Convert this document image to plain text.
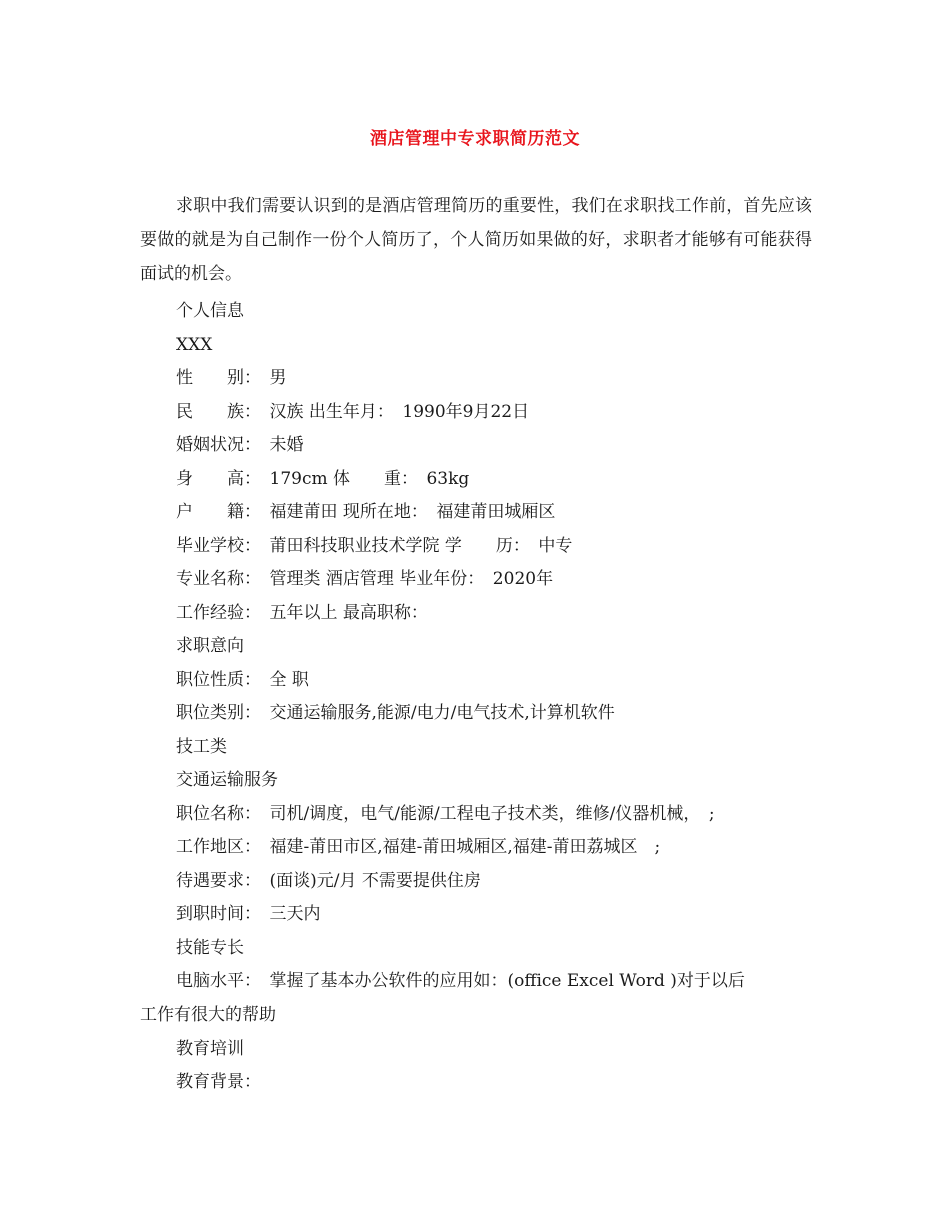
酒店管理中专求职简历范文
求职中我们需要认识到的是酒店管理简历的重要性，我们在求职找工作前，首先应该要做的就是为自己制作一份个人简历了，个人简历如果做的好，求职者才能够有可能获得面试的机会。
个人信息
XXX
性　　别：　男
民　　族：　汉族 出生年月：　1990年9月22日
婚姻状况：　未婚
身　　高：　179cm 体　　重：　63kg
户　　籍：　福建莆田 现所在地：　福建莆田城厢区
毕业学校：　莆田科技职业技术学院 学　　历：　中专
专业名称：　管理类 酒店管理 毕业年份：　2020年
工作经验：　五年以上 最高职称：
求职意向
职位性质：　全 职
职位类别：　交通运输服务,能源/电力/电气技术,计算机软件
技工类
交通运输服务
职位名称：　司机/调度，电气/能源/工程电子技术类，维修/仪器机械，　;
工作地区：　福建-莆田市区,福建-莆田城厢区,福建-莆田荔城区　;
待遇要求：　(面谈)元/月 不需要提供住房
到职时间：　三天内
技能专长
电脑水平：　掌握了基本办公软件的应用如：(office Excel Word )对于以后
工作有很大的帮助
教育培训
教育背景：
